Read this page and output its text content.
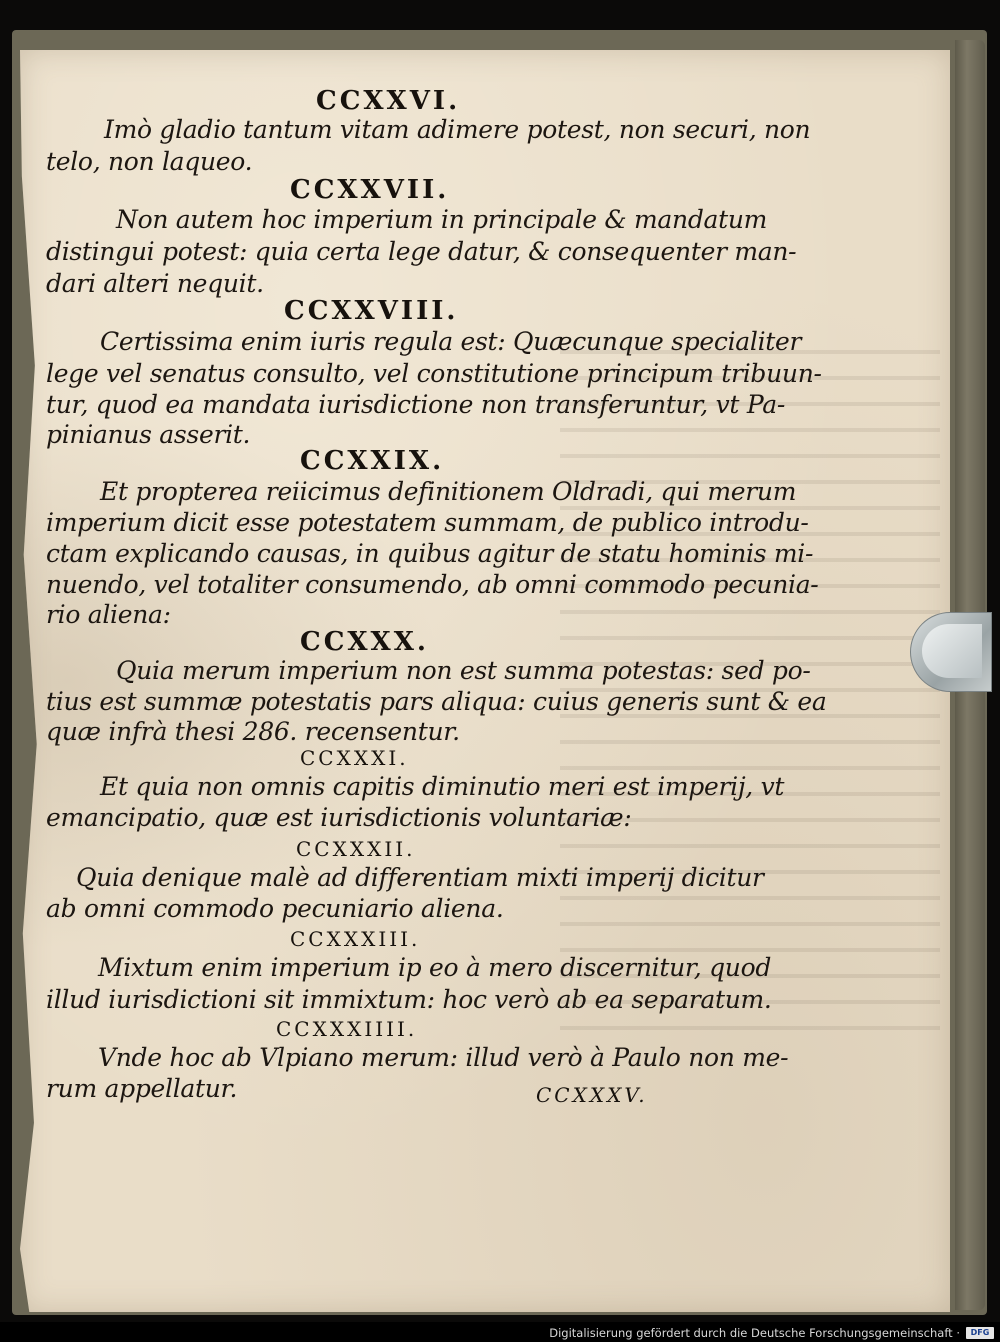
CCXXVI.

Imò gladio tantum vitam adimere potest, non securi, non

telo, non laqueo.

CCXXVII.

Non autem hoc imperium in principale & mandatum

distingui potest: quia certa lege datur, & consequenter man-

dari alteri nequit.

CCXXVIII.

Certissima enim iuris regula est: Quæcunque specialiter

lege vel senatus consulto, vel constitutione principum tribuun-

tur, quod ea mandata iurisdictione non transferuntur, vt Pa-

pinianus asserit.

CCXXIX.

Et propterea reiicimus definitionem Oldradi, qui merum

imperium dicit esse potestatem summam, de publico introdu-

ctam explicando causas, in quibus agitur de statu hominis mi-

nuendo, vel totaliter consumendo, ab omni commodo pecunia-

rio aliena:

CCXXX.

Quia merum imperium non est summa potestas: sed po-

tius est summæ potestatis pars aliqua: cuius generis sunt & ea

quæ infrà thesi 286. recensentur.

CCXXXI.

Et quia non omnis capitis diminutio meri est imperij, vt

emancipatio, quæ est iurisdictionis voluntariæ:

CCXXXII.

Quia denique malè ad differentiam mixti imperij dicitur

ab omni commodo pecuniario aliena.

CCXXXIII.

Mixtum enim imperium ip eo à mero discernitur, quod

illud iurisdictioni sit immixtum: hoc verò ab ea separatum.

CCXXXIIII.

Vnde hoc ab Vlpiano merum: illud verò à Paulo non me-

rum appellatur.	CCXXXV.
Digitalisierung gefördert durch die Deutsche Forschungsgemeinschaft ·	DFG
